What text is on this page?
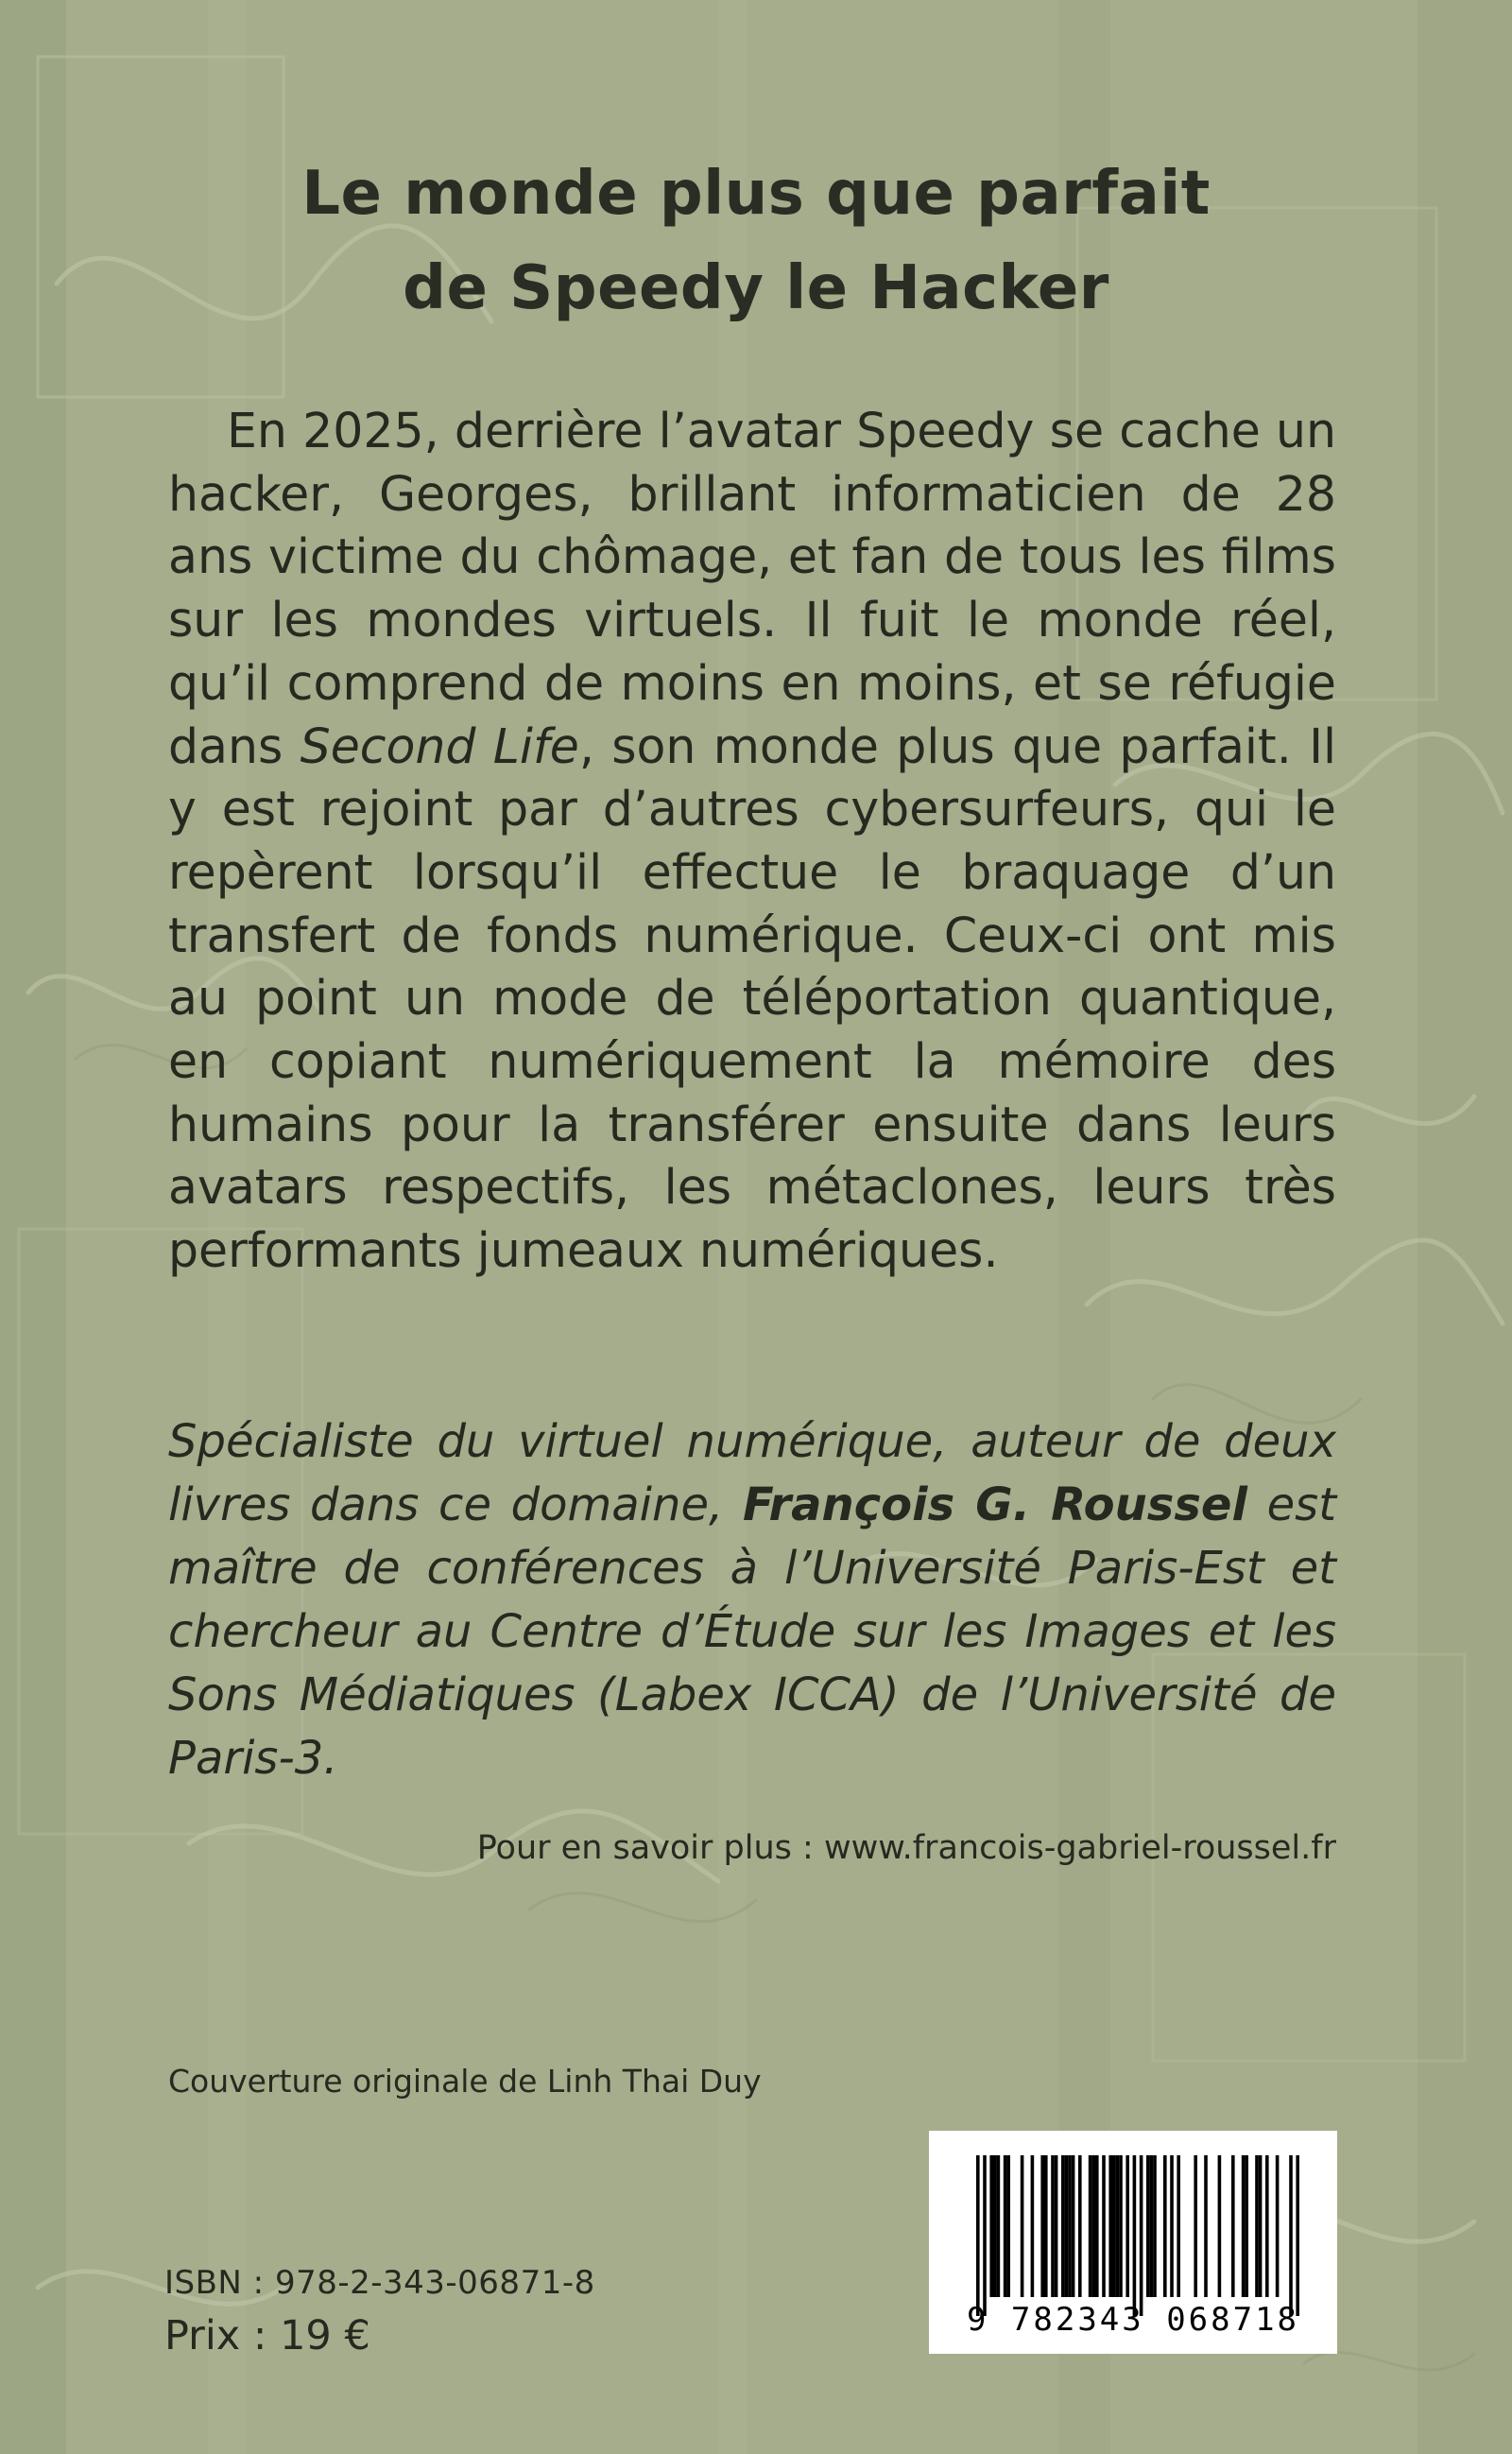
Le monde plus que parfait
de Speedy le Hacker

En 2025, derrière l’avatar Speedy se cache un hacker, Georges, brillant informaticien de 28 ans victime du chômage, et fan de tous les films sur les mondes virtuels. Il fuit le monde réel, qu’il comprend de moins en moins, et se réfugie dans Second Life, son monde plus que parfait. Il y est rejoint par d’autres cybersurfeurs, qui le repèrent lorsqu’il effectue le braquage d’un transfert de fonds numérique. Ceux-ci ont mis au point un mode de téléportation quantique, en copiant numériquement la mémoire des humains pour la transférer ensuite dans leurs avatars respectifs, les métaclones, leurs très performants jumeaux numériques.

Spécialiste du virtuel numérique, auteur de deux livres dans ce domaine, François G. Roussel est maître de conférences à l’Université Paris-Est et chercheur au Centre d’Étude sur les Images et les Sons Médiatiques (Labex ICCA) de l’Université de Paris-3.
Pour en savoir plus : www.francois-gabriel-roussel.fr
Couverture originale de Linh Thai Duy
ISBN : 978-2-343-06871-8
Prix : 19 €	9 782343 068718
